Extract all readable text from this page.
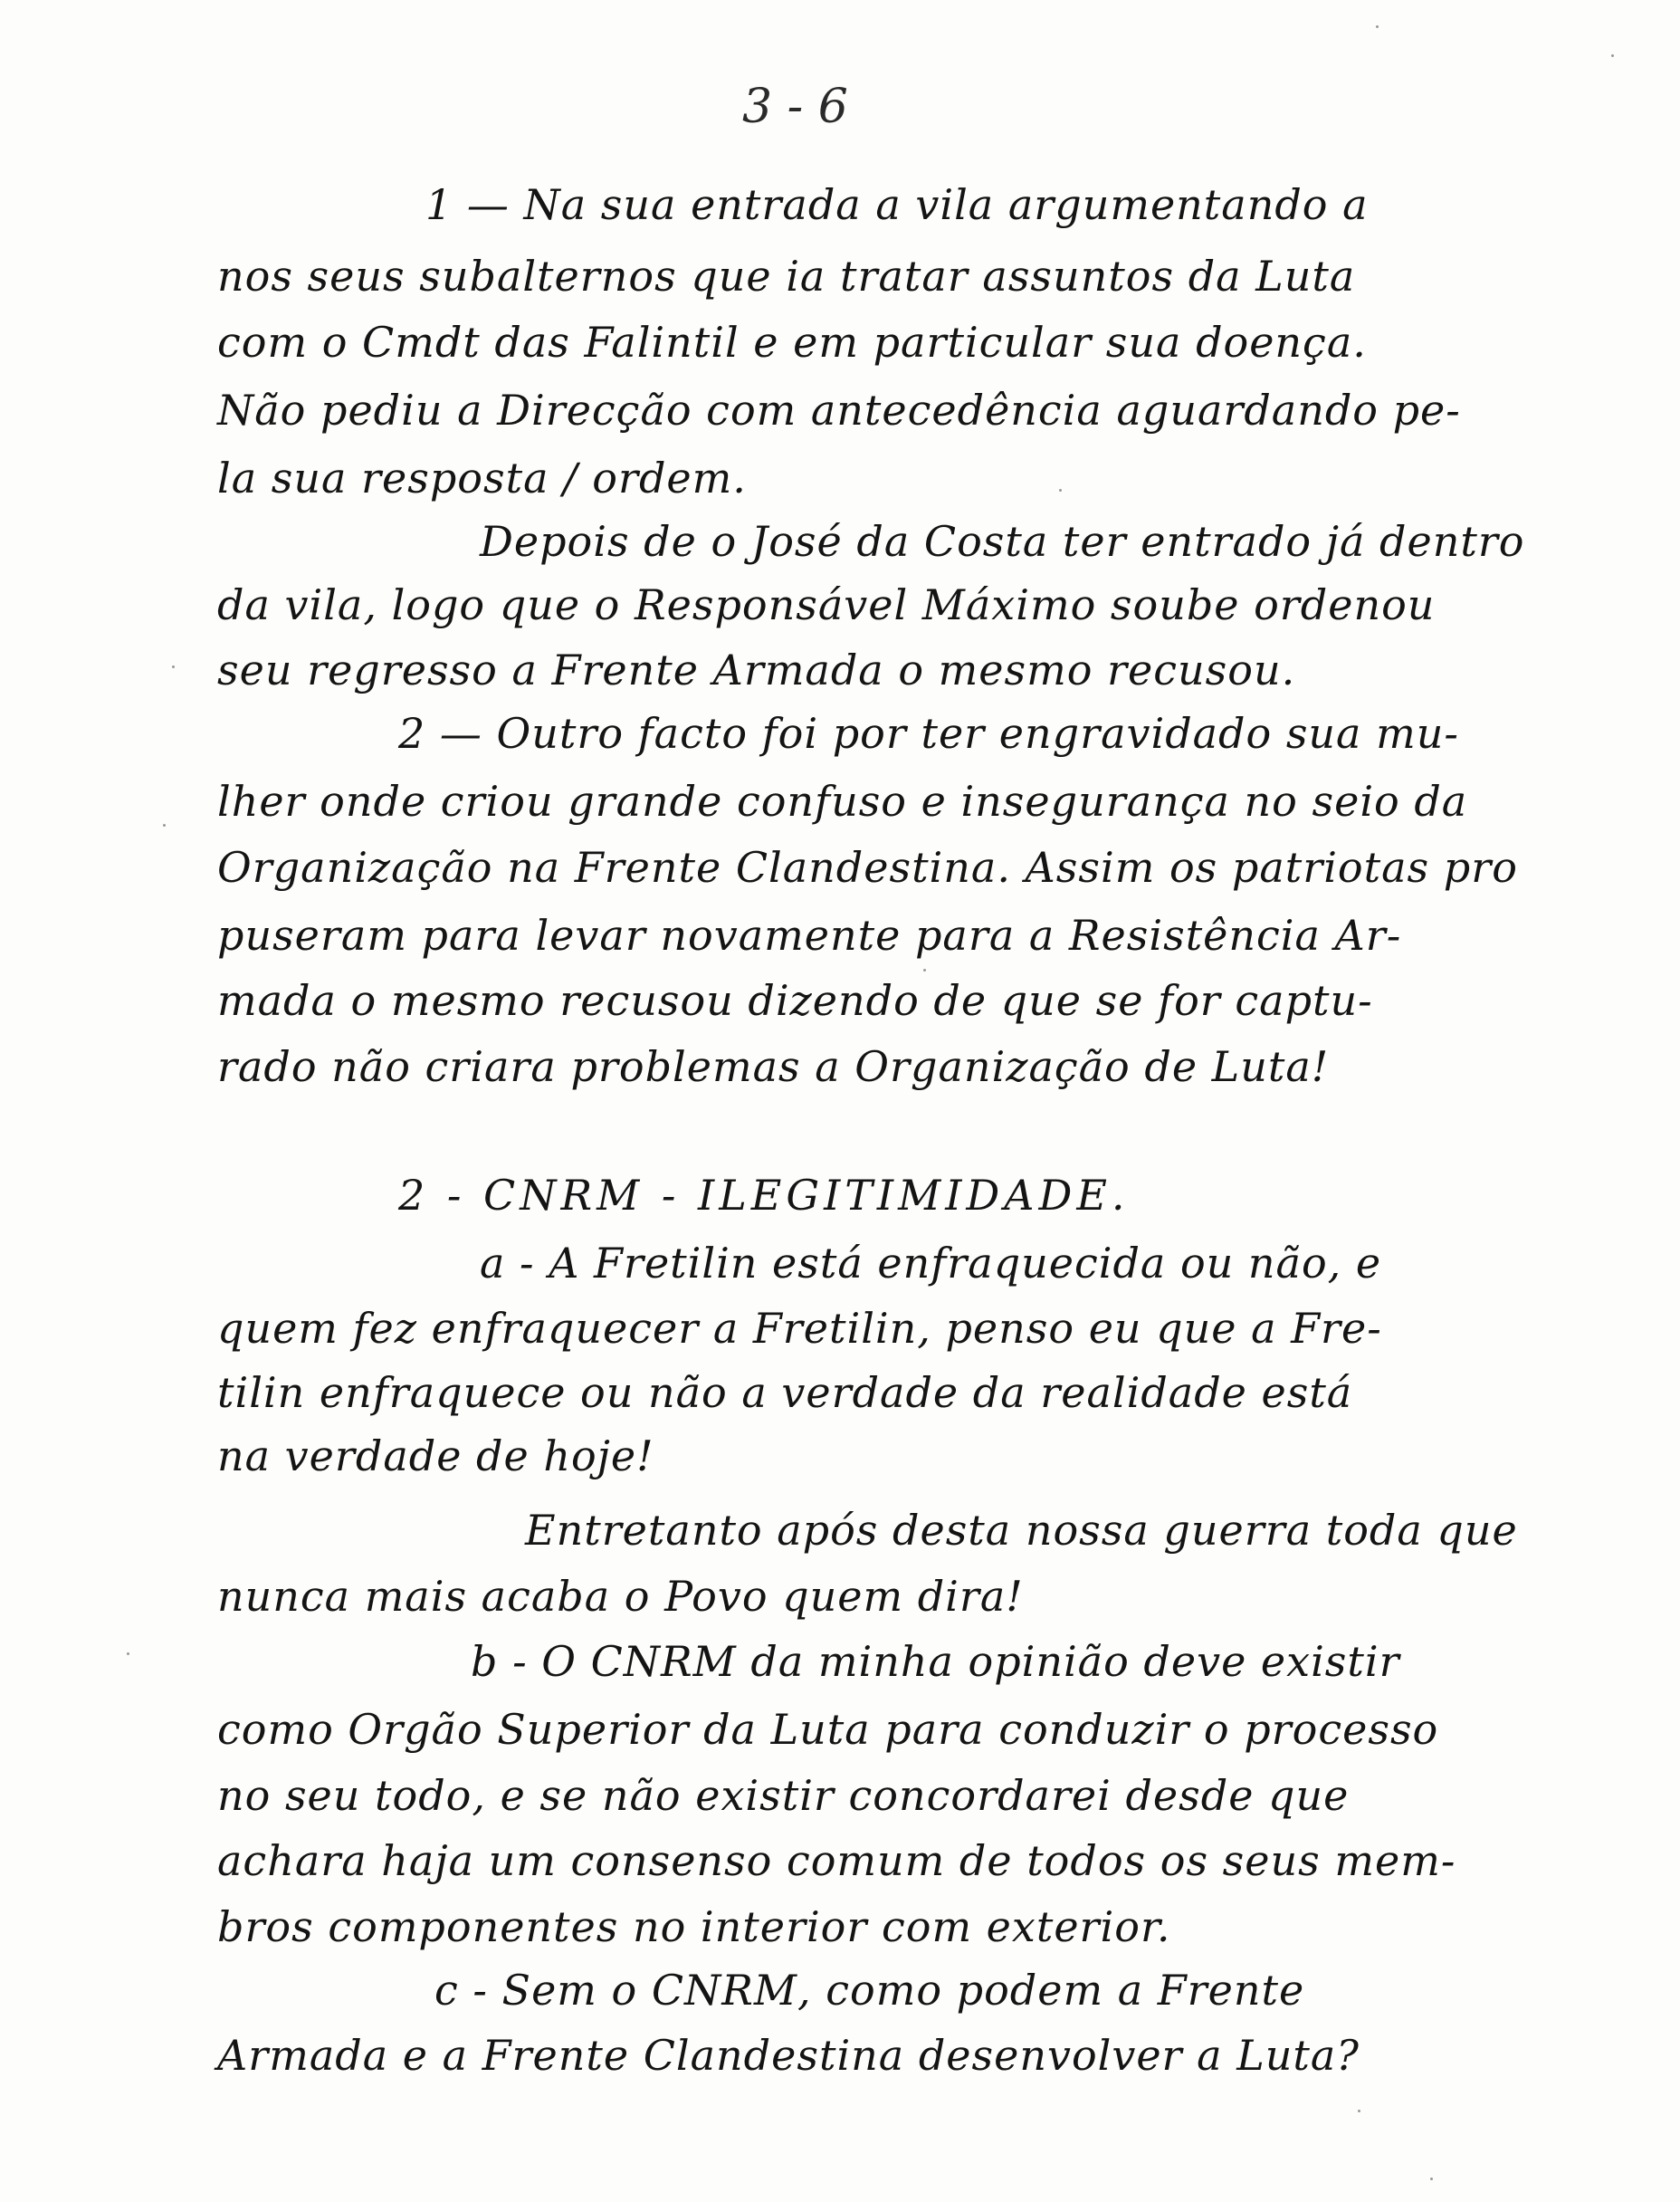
3 - 6
1 — Na sua entrada a vila argumentando a
nos seus subalternos que ia tratar assuntos da Luta
com o Cmdt das Falintil e em particular sua doença.
Não pediu a Direcção com antecedência aguardando pe-
la sua resposta / ordem.
Depois de o José da Costa ter entrado já dentro
da vila, logo que o Responsável Máximo soube ordenou
seu regresso a Frente Armada o mesmo recusou.
2 — Outro facto foi por ter engravidado sua mu-
lher onde criou grande confuso e insegurança no seio da
Organização na Frente Clandestina. Assim os patriotas pro
puseram para levar novamente para a Resistência Ar-
mada o mesmo recusou dizendo de que se for captu-
rado não criara problemas a Organização de Luta!
2 - CNRM - ILEGITIMIDADE.
a - A Fretilin está enfraquecida ou não, e
quem fez enfraquecer a Fretilin, penso eu que a Fre-
tilin enfraquece ou não a verdade da realidade está
na verdade de hoje!
Entretanto após desta nossa guerra toda que
nunca mais acaba o Povo quem dira!
b - O CNRM da minha opinião deve existir
como Orgão Superior da Luta para conduzir o processo
no seu todo, e se não existir concordarei desde que
achara haja um consenso comum de todos os seus mem-
bros componentes no interior com exterior.
c - Sem o CNRM, como podem a Frente
Armada e a Frente Clandestina desenvolver a Luta?
